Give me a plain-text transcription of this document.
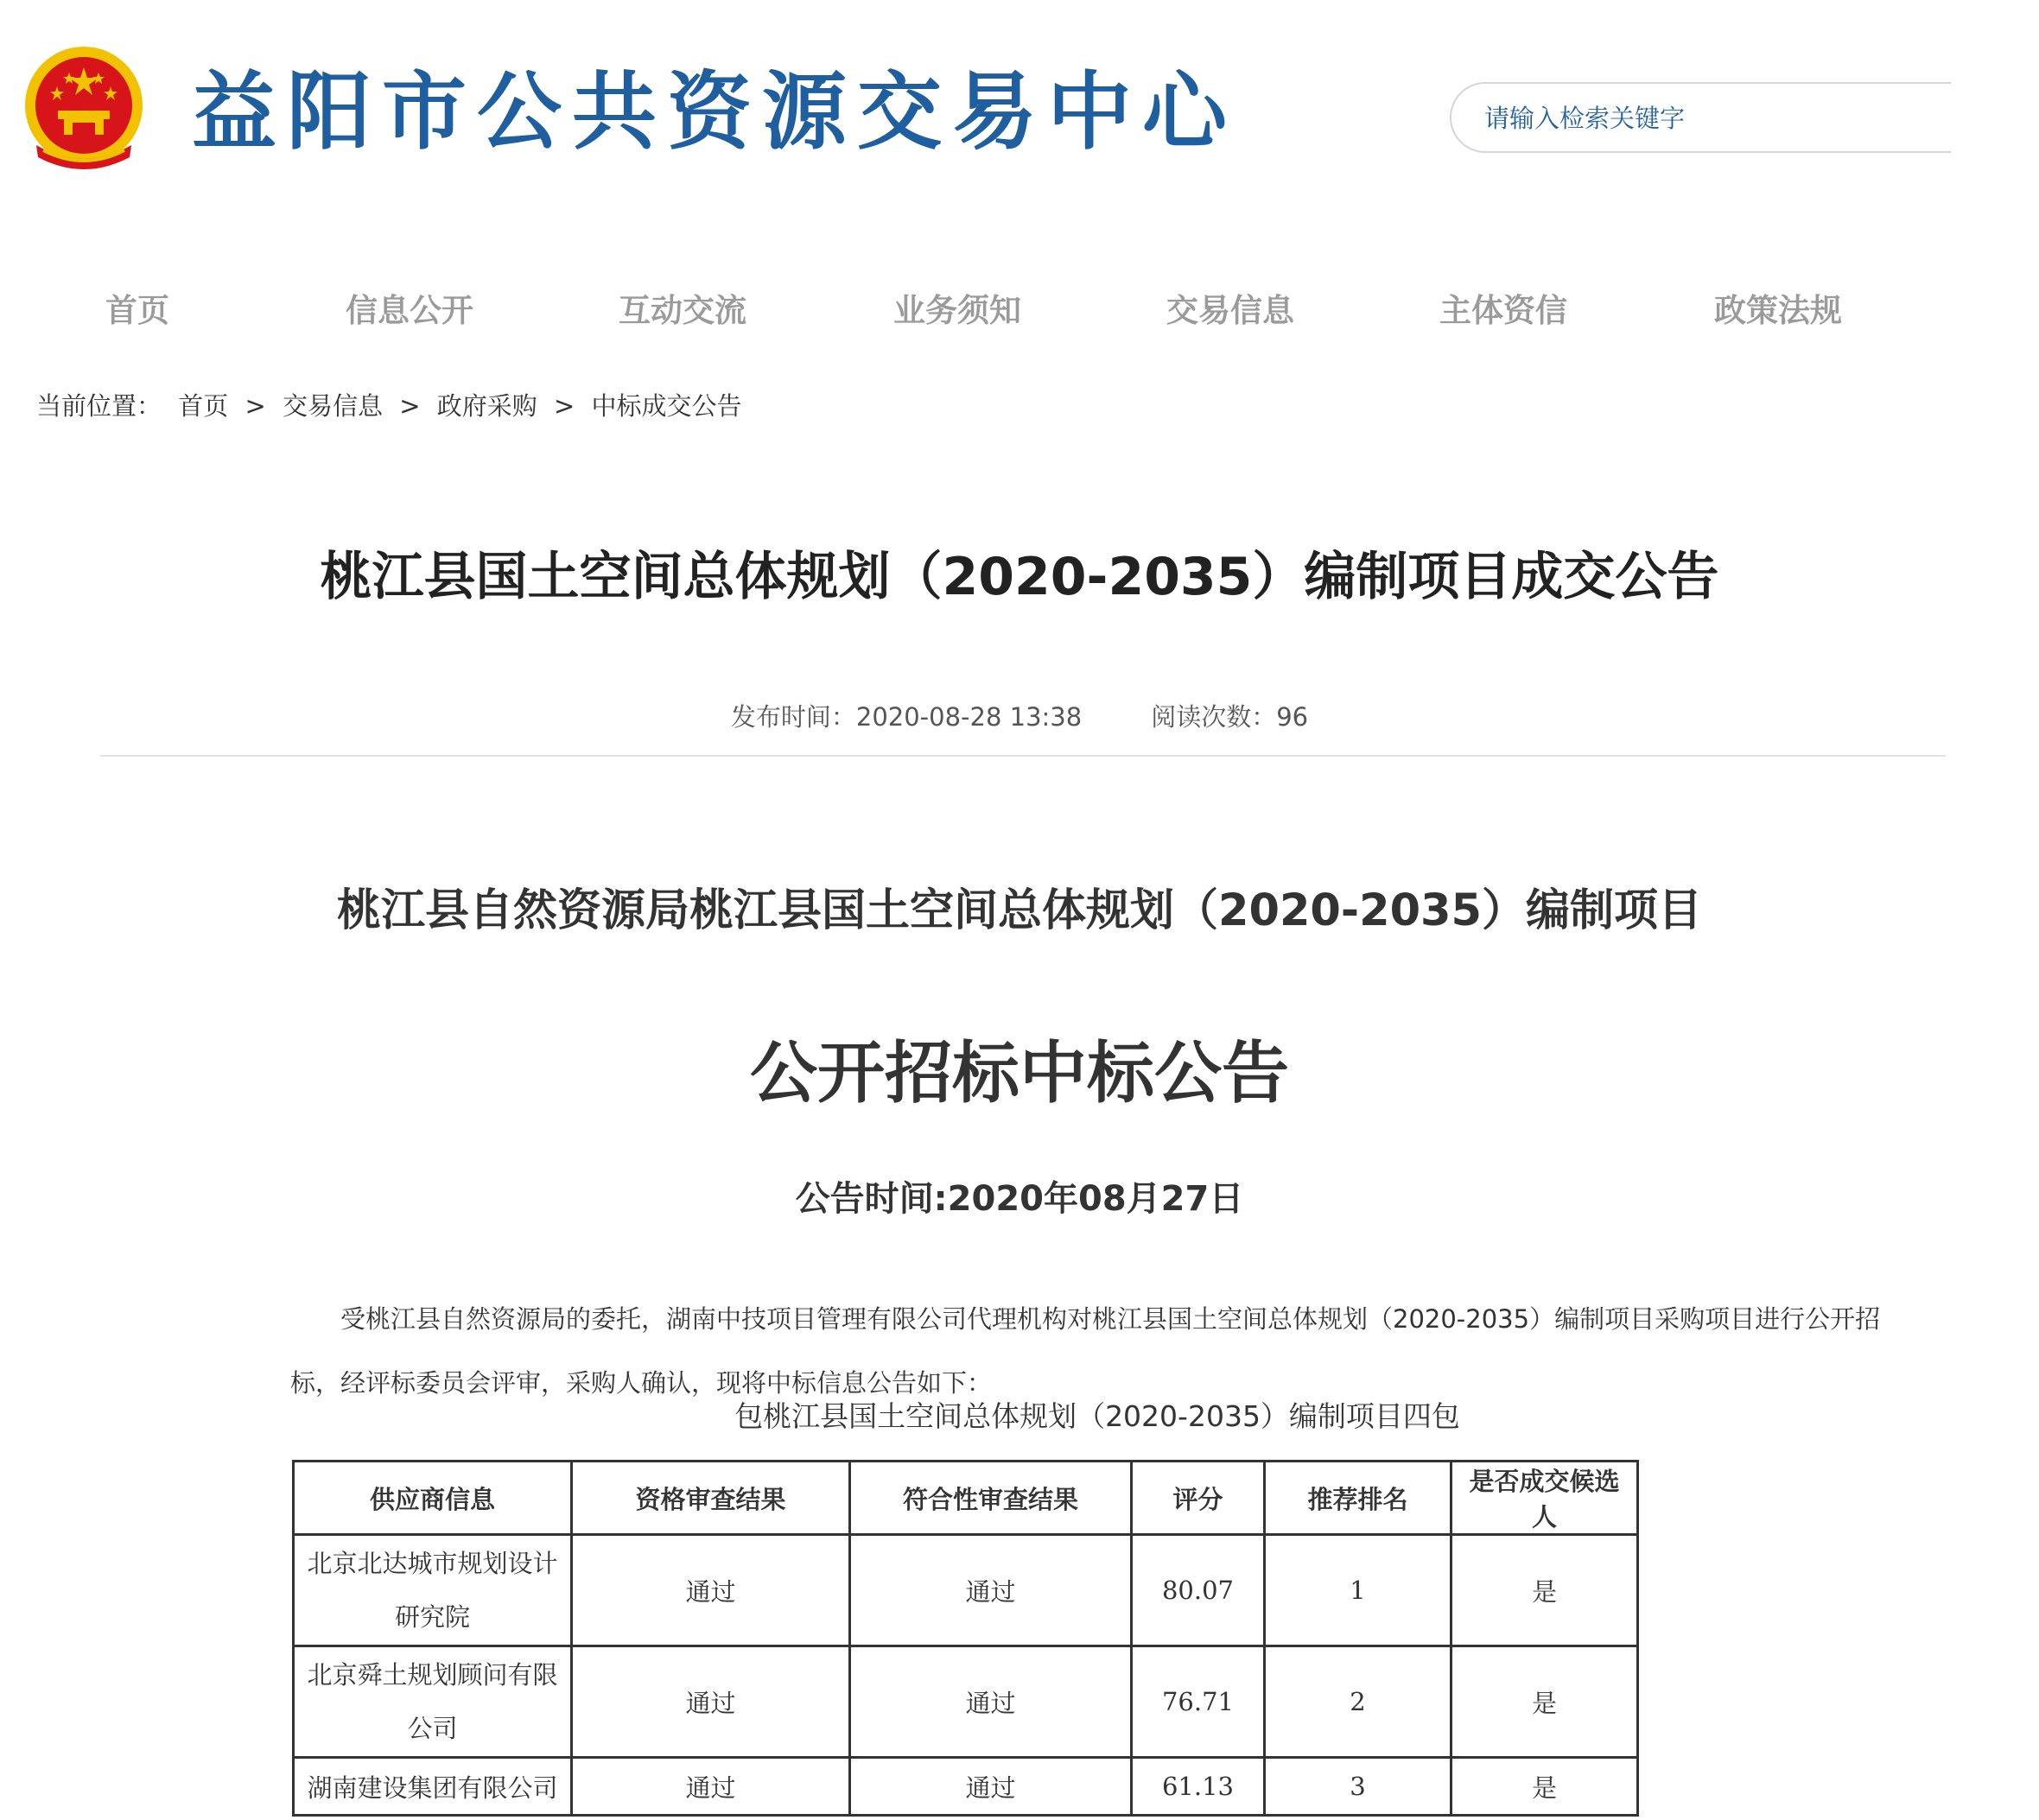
益阳市公共资源交易中心
请输入检索关键字
首页	信息公开	互动交流	业务须知	交易信息	主体资信	政策法规
当前位置： 首页 > 交易信息 > 政府采购 > 中标成交公告
桃江县国土空间总体规划（2020-2035）编制项目成交公告
发布时间：2020-08-28 13:38	阅读次数：96
桃江县自然资源局桃江县国土空间总体规划（2020-2035）编制项目
公开招标中标公告
公告时间:2020年08月27日
受桃江县自然资源局的委托，湖南中技项目管理有限公司代理机构对桃江县国土空间总体规划（2020-2035）编制项目采购项目进行公开招标，经评标委员会评审，采购人确认，现将中标信息公告如下：
包桃江县国土空间总体规划（2020-2035）编制项目四包
供应商信息	资格审查结果	符合性审查结果	评分	推荐排名	是否成交候选人
北京北达城市规划设计研究院	通过	通过	80.07	1	是
北京舜土规划顾问有限公司	通过	通过	76.71	2	是
湖南建设集团有限公司	通过	通过	61.13	3	是
